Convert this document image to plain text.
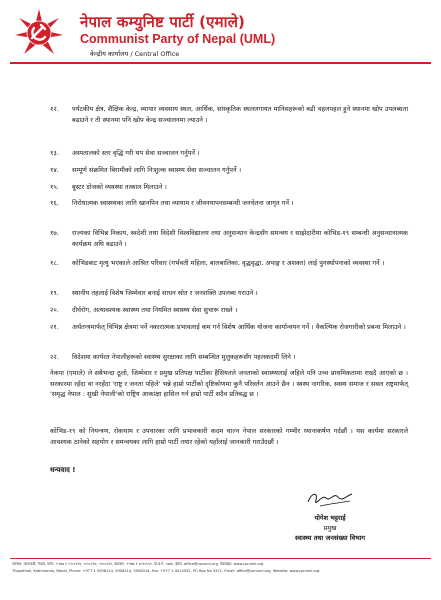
नेपाल कम्युनिष्ट पार्टी (एमाले)
Communist Party of Nepal (UML)
केन्द्रीय कार्यालय / Central Office
१२. पर्यटकीय क्षेत्र, शैक्षिक केन्द्र, व्यापार व्यवसाय स्थल, आर्थिक, सांस्कृतिक स्थललगायत मानिसहरूको बढी चहलपहल हुने स्थानमा खोप उपलब्धता बढाउने र ती स्थानमा पनि खोप केन्द्र सञ्चालनमा ल्याउने ।
१३. अस्पतालको स्तर वृद्धि गरी थप सेवा सञ्चालन गर्नुपर्ने ।
१४. सम्पूर्ण संक्रमित बिरामीको लागि निःशुल्क स्वास्थ्य सेवा सञ्चालन गर्नुपर्ने ।
१५. बुस्टर डोजको व्यवस्था तत्काल मिलाउने ।
१६. निरोधात्मक स्वास्थ्यका लागि खानपिन तथा व्यायाम र जीवनयापनसम्बन्धी जनचेतना जागृत गर्ने ।
१७. राज्यका विभिन्न निकाय, स्वदेशी तथा विदेशी विश्वविद्यालय तथा अनुसन्धान केन्द्रसँग समन्वय र साझेदारीमा कोभिड-१९ सम्बन्धी अनुसन्धानात्मक कार्यक्रम अघि बढाउने ।
१८. कोभिडबाट मृत्यु भएकाले आश्रित परिवार (गर्भवती महिला, बालबालिका, वृद्धवृद्धा, अपाङ्ग र अशक्त) लाई पुनर्स्थापनाको व्यवस्था गर्ने ।
१९. स्थानीय तहलाई विशेष जिम्मेवार बनाई साधन स्रोत र जनशक्ति उपलब्ध गराउने ।
२०. दीर्घरोग, अत्यावश्यक स्वास्थ्य तथा नियमित स्वास्थ्य सेवा सुचारू राख्ने ।
२१. अर्थतन्त्रमार्फत् विभिन्न क्षेत्रमा पर्ने नकारात्मक प्रभावलाई कम गर्न विशेष आर्थिक योजना कार्यान्वयन गर्ने । वैकल्पिक रोजगारीको प्रबन्ध मिलाउने ।
२२. विदेशमा कार्यरत नेपालीहरूको स्वास्थ्य सुरक्षाका लागि सम्बन्धित मुलुकहरूसँग पहलकदमी लिने ।
नेकपा (एमाले) ले सबैभन्दा ठूलो, जिम्मेवार र प्रमुख प्रतिपक्ष पार्टीका हैसियतले जनताको स्वास्थ्यलाई जहिले पनि उच्च प्राथमिकतामा राख्दै आएको छ । सरकारमा रहँदा वा नरहँदा 'राष्ट्र र जनता पहिले' भन्ने हाम्रो पार्टीको दृष्टिकोणमा कुनै परिवर्तन आउने छैन । स्वस्थ नागरिक, स्वस्थ समाज र सबल राष्ट्रमार्फत् 'समृद्ध नेपाल : सुखी नेपाली'को राष्ट्रिय आकांक्षा हासिल गर्न हाम्रो पार्टी सदैव प्रतिबद्ध छ ।
कोभिड-१९ को नियन्त्रण, रोकथाम र उपचारका लागि प्रभावकारी कदम चाल्न नेपाल सरकारको गम्भीर ध्यानाकर्षण गर्दछौं । यस कार्यमा सरकारले आवश्यक ठानेको सहयोग र समन्वयका लागि हाम्रो पार्टी तयार रहेको यहाँलाई जानकारी गराउँदछौं ।
धन्यवाद !
योगेश भट्टराई
प्रमुख
स्वास्थ्य तथा जनसंख्या विभाग
च्यासल, काठमाडौं, नेपाल, फोन: +९७७ १ ५९०८११४, ५९०८२१४, ५९०८३१४, फ्याक्स: +९७७ १ ४०१५५९२, पो.ब.नं. ५४७१, ईमेल: office@cpnuml.org, वेबसाइट: www.cpnuml.org
Thapathali, Kathmandu, Nepal, Phone: +977 1 5908114, 5908214, 5908314, Fax: +977 1 4015592, PO Box No 5471, Email: office@cpnuml.org, Website: www.cpnuml.org
